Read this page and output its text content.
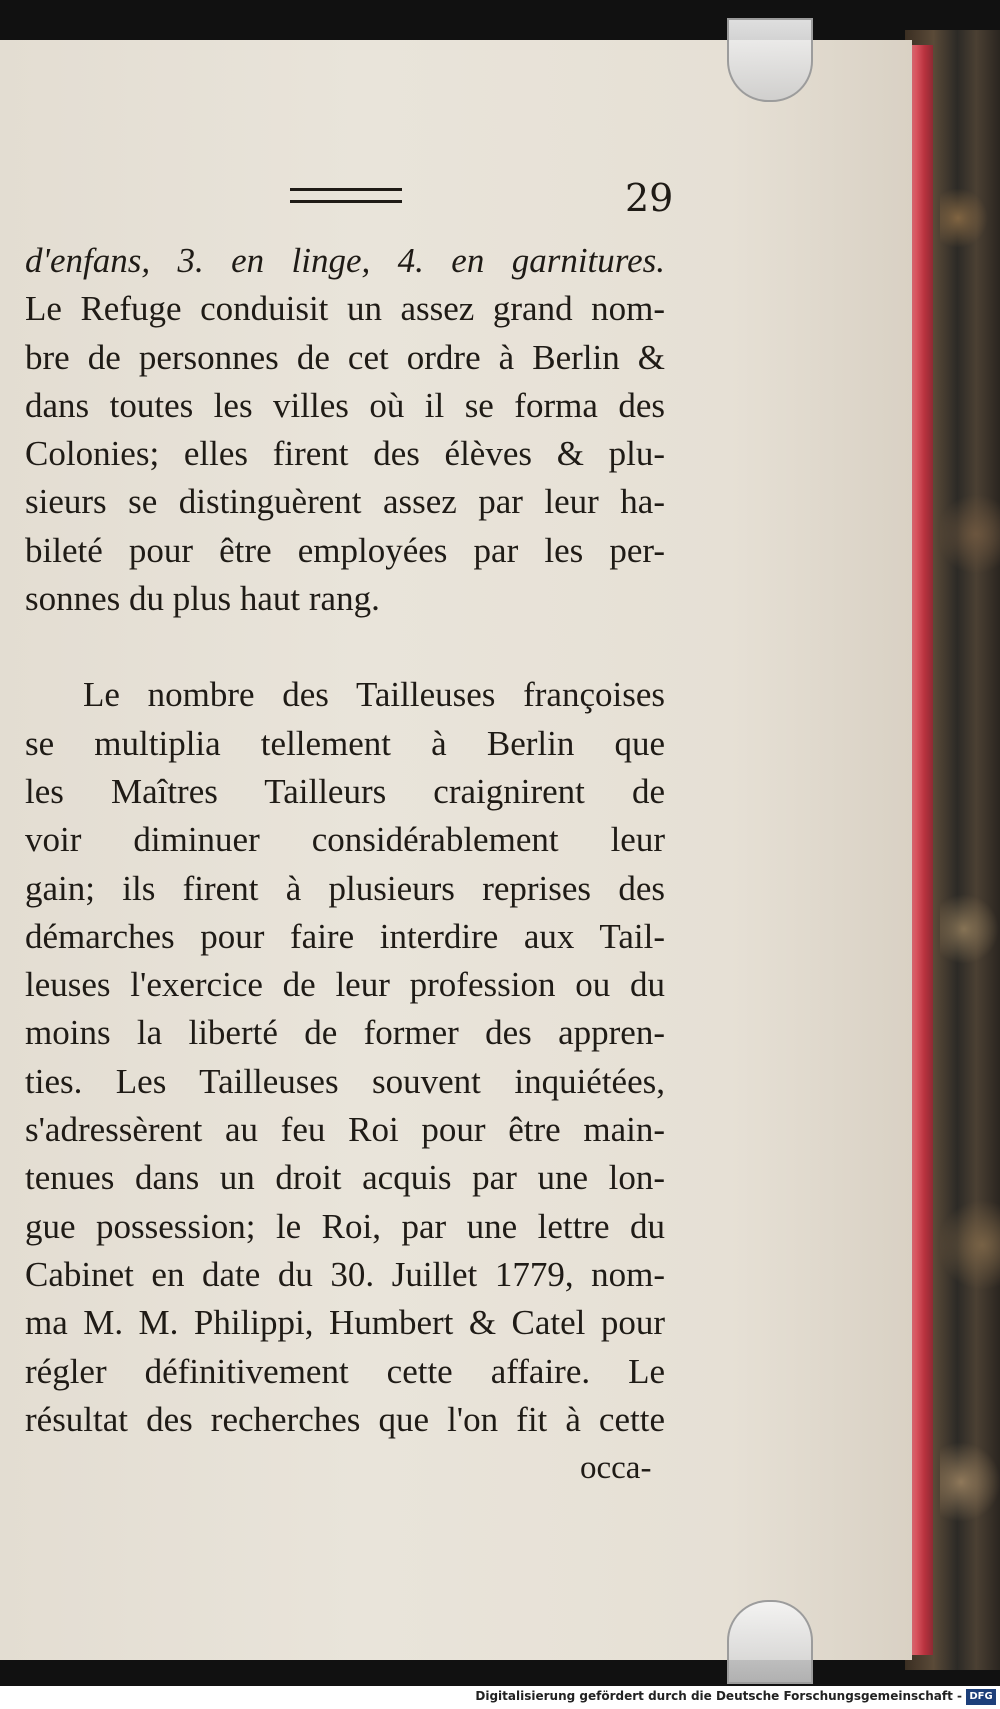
29
d'enfans, 3. en linge, 4. en garnitures.
Le Refuge conduisit un assez grand nom-
bre de personnes de cet ordre à Berlin &
dans toutes les villes où il se forma des
Colonies; elles firent des élèves & plu-
sieurs se distinguèrent assez par leur ha-
bileté pour être employées par les per-
sonnes du plus haut rang.
Le nombre des Tailleuses françoises
se multiplia tellement à Berlin que
les Maîtres Tailleurs craignirent de
voir diminuer considérablement leur
gain; ils firent à plusieurs reprises des
démarches pour faire interdire aux Tail-
leuses l'exercice de leur profession ou du
moins la liberté de former des appren-
ties. Les Tailleuses souvent inquiétées,
s'adressèrent au feu Roi pour être main-
tenues dans un droit acquis par une lon-
gue possession; le Roi, par une lettre du
Cabinet en date du 30. Juillet 1779, nom-
ma M. M. Philippi, Humbert & Catel pour
régler définitivement cette affaire. Le
résultat des recherches que l'on fit à cette
occa-
Digitalisierung gefördert durch die Deutsche Forschungsgemeinschaft - DFG
